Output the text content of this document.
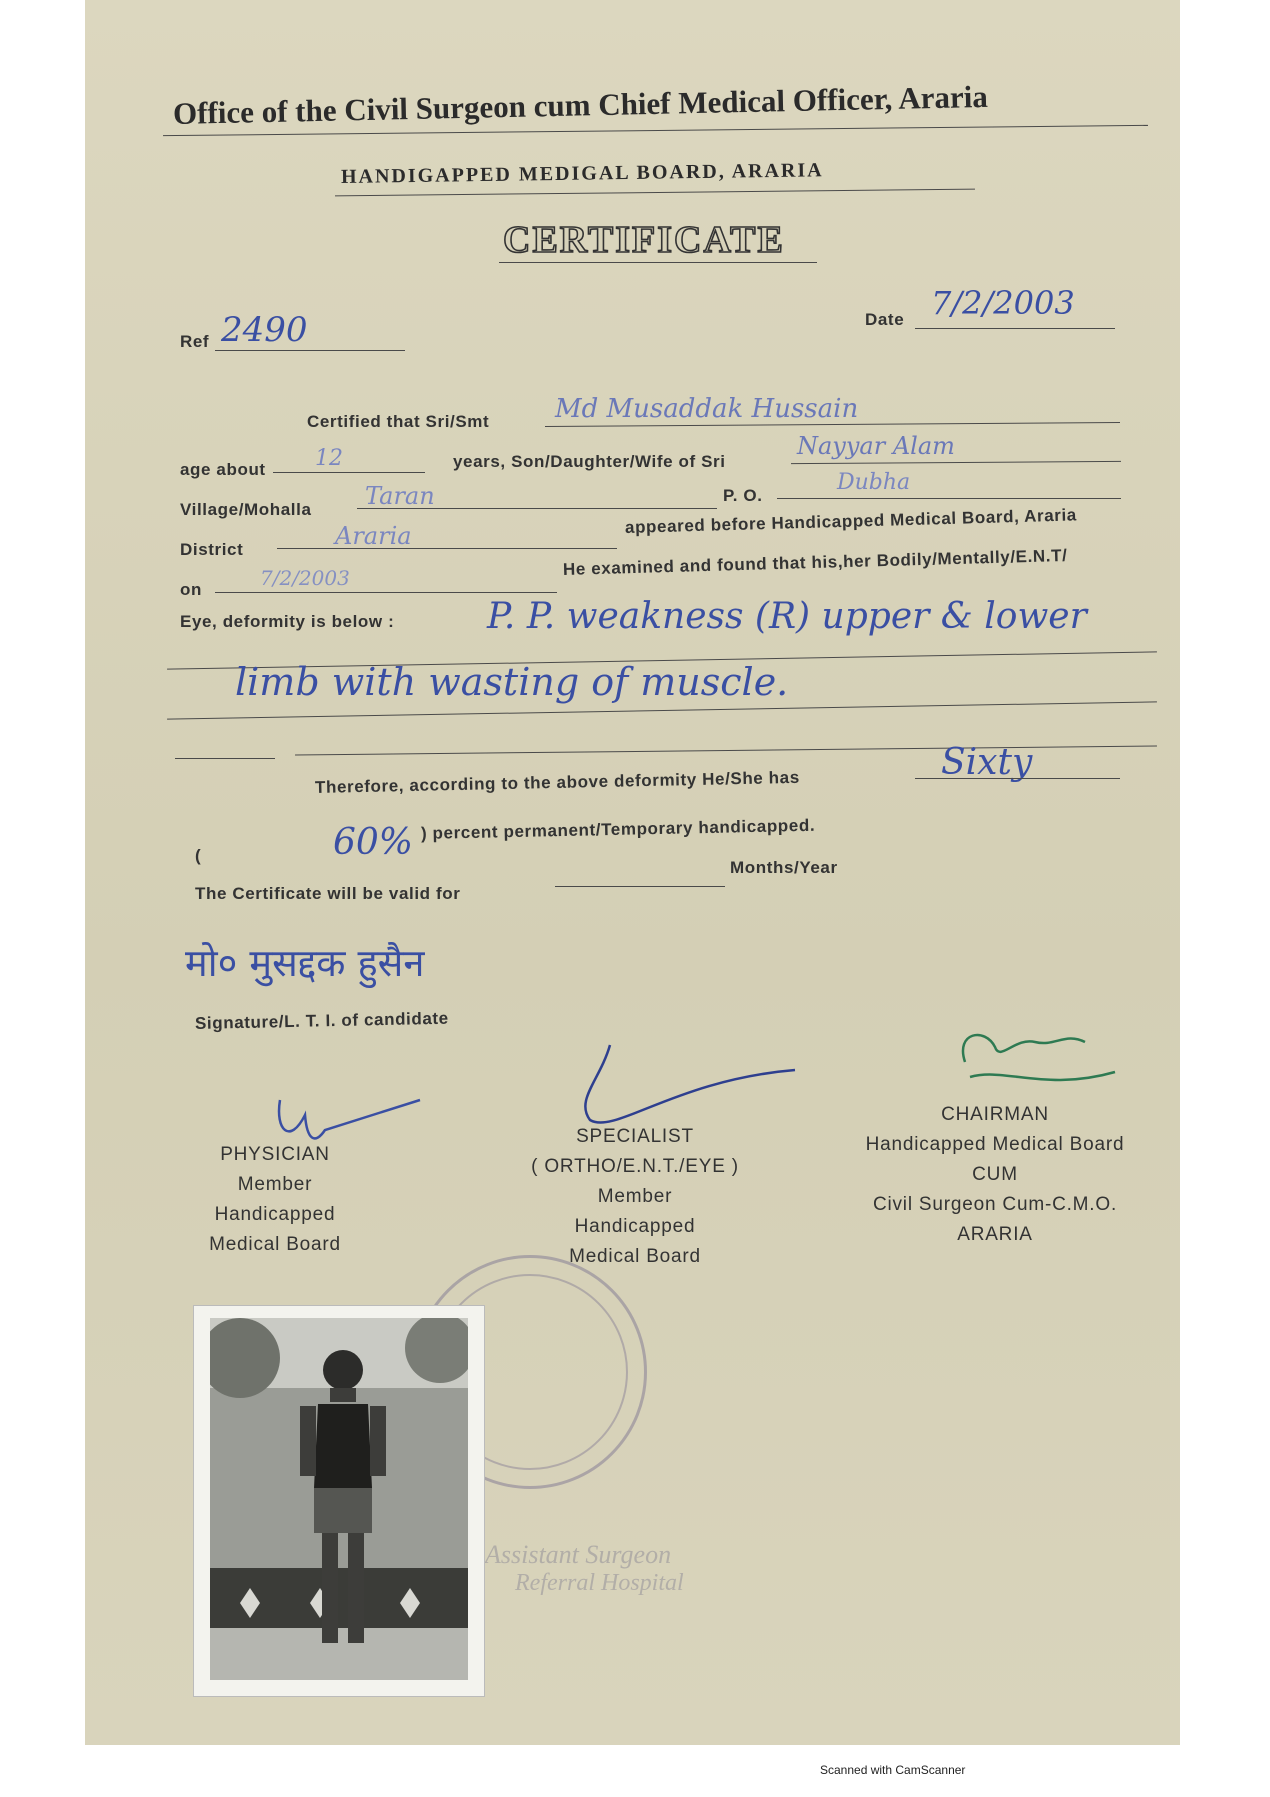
Office of the Civil Surgeon cum Chief Medical Officer, Araria
HANDIGAPPED MEDIGAL BOARD, ARARIA
CERTIFICATE
Ref 2490	Date 7/2/2003
Certified that Sri/Smt	Md Musaddak Hussain
age about 12	years, Son/Daughter/Wife of Sri
Nayyar Alam
Village/Mohalla Taran	P. O.
Dubha
District	Araria	appeared before Handicapped Medical Board, Araria
on	7/2/2003	He examined and found that his,her Bodily/Mentally/E.N.T/
Eye, deformity is below :	P. P. weakness (R) upper & lower
limb with wasting of muscle.
Therefore, according to the above deformity He/She has	Sixty
(	60% ) percent permanent/Temporary handicapped.
The Certificate will be valid for
Months/Year
मो० मुसद्दक हुसैन
Signature/L. T. I. of candidate
PHYSICIAN
Member
Handicapped
Medical Board
SPECIALIST
( ORTHO/E.N.T./EYE )
Member
Handicapped
Medical Board
CHAIRMAN
Handicapped Medical Board
CUM
Civil Surgeon Cum-C.M.O.
ARARIA
Assistant Surgeon
Referral Hospital
Scanned with CamScanner
